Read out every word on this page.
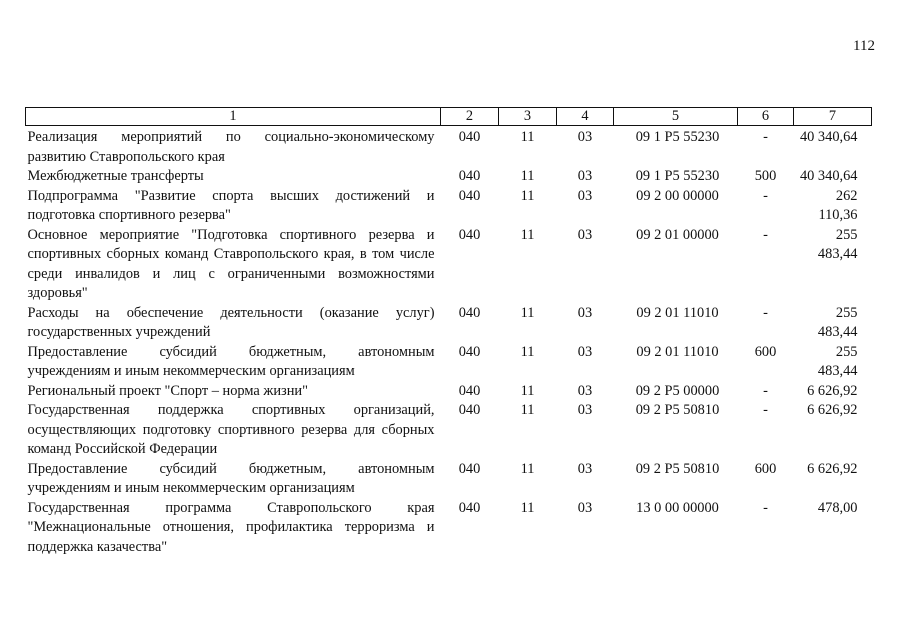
112
1	2	3	4	5	6	7
Реализация мероприятий по социально-экономическому развитию Ставропольского края	040	11	03	09 1 P5 55230	-	40 340,64
Межбюджетные трансферты	040	11	03	09 1 P5 55230	500	40 340,64
Подпрограмма "Развитие спорта высших достижений и подготовка спортивного резерва"	040	11	03	09 2 00 00000	-	262 110,36
Основное мероприятие "Подготовка спортивного резерва и спортивных сборных команд Ставропольского края, в том числе среди инвалидов и лиц с ограниченными возможностями здоровья"	040	11	03	09 2 01 00000	-	255 483,44
Расходы на обеспечение деятельности (оказание услуг) государственных учреждений	040	11	03	09 2 01 11010	-	255 483,44
Предоставление субсидий бюджетным, автономным учреждениям и иным некоммерческим организациям	040	11	03	09 2 01 11010	600	255 483,44
Региональный проект "Спорт – норма жизни"	040	11	03	09 2 P5 00000	-	6 626,92
Государственная поддержка спортивных организаций, осуществляющих подготовку спортивного резерва для сборных команд Российской Федерации	040	11	03	09 2 P5 50810	-	6 626,92
Предоставление субсидий бюджетным, автономным учреждениям и иным некоммерческим организациям	040	11	03	09 2 P5 50810	600	6 626,92
Государственная программа Ставропольского края "Межнациональные отношения, профилактика терроризма и поддержка казачества"	040	11	03	13 0 00 00000	-	478,00
